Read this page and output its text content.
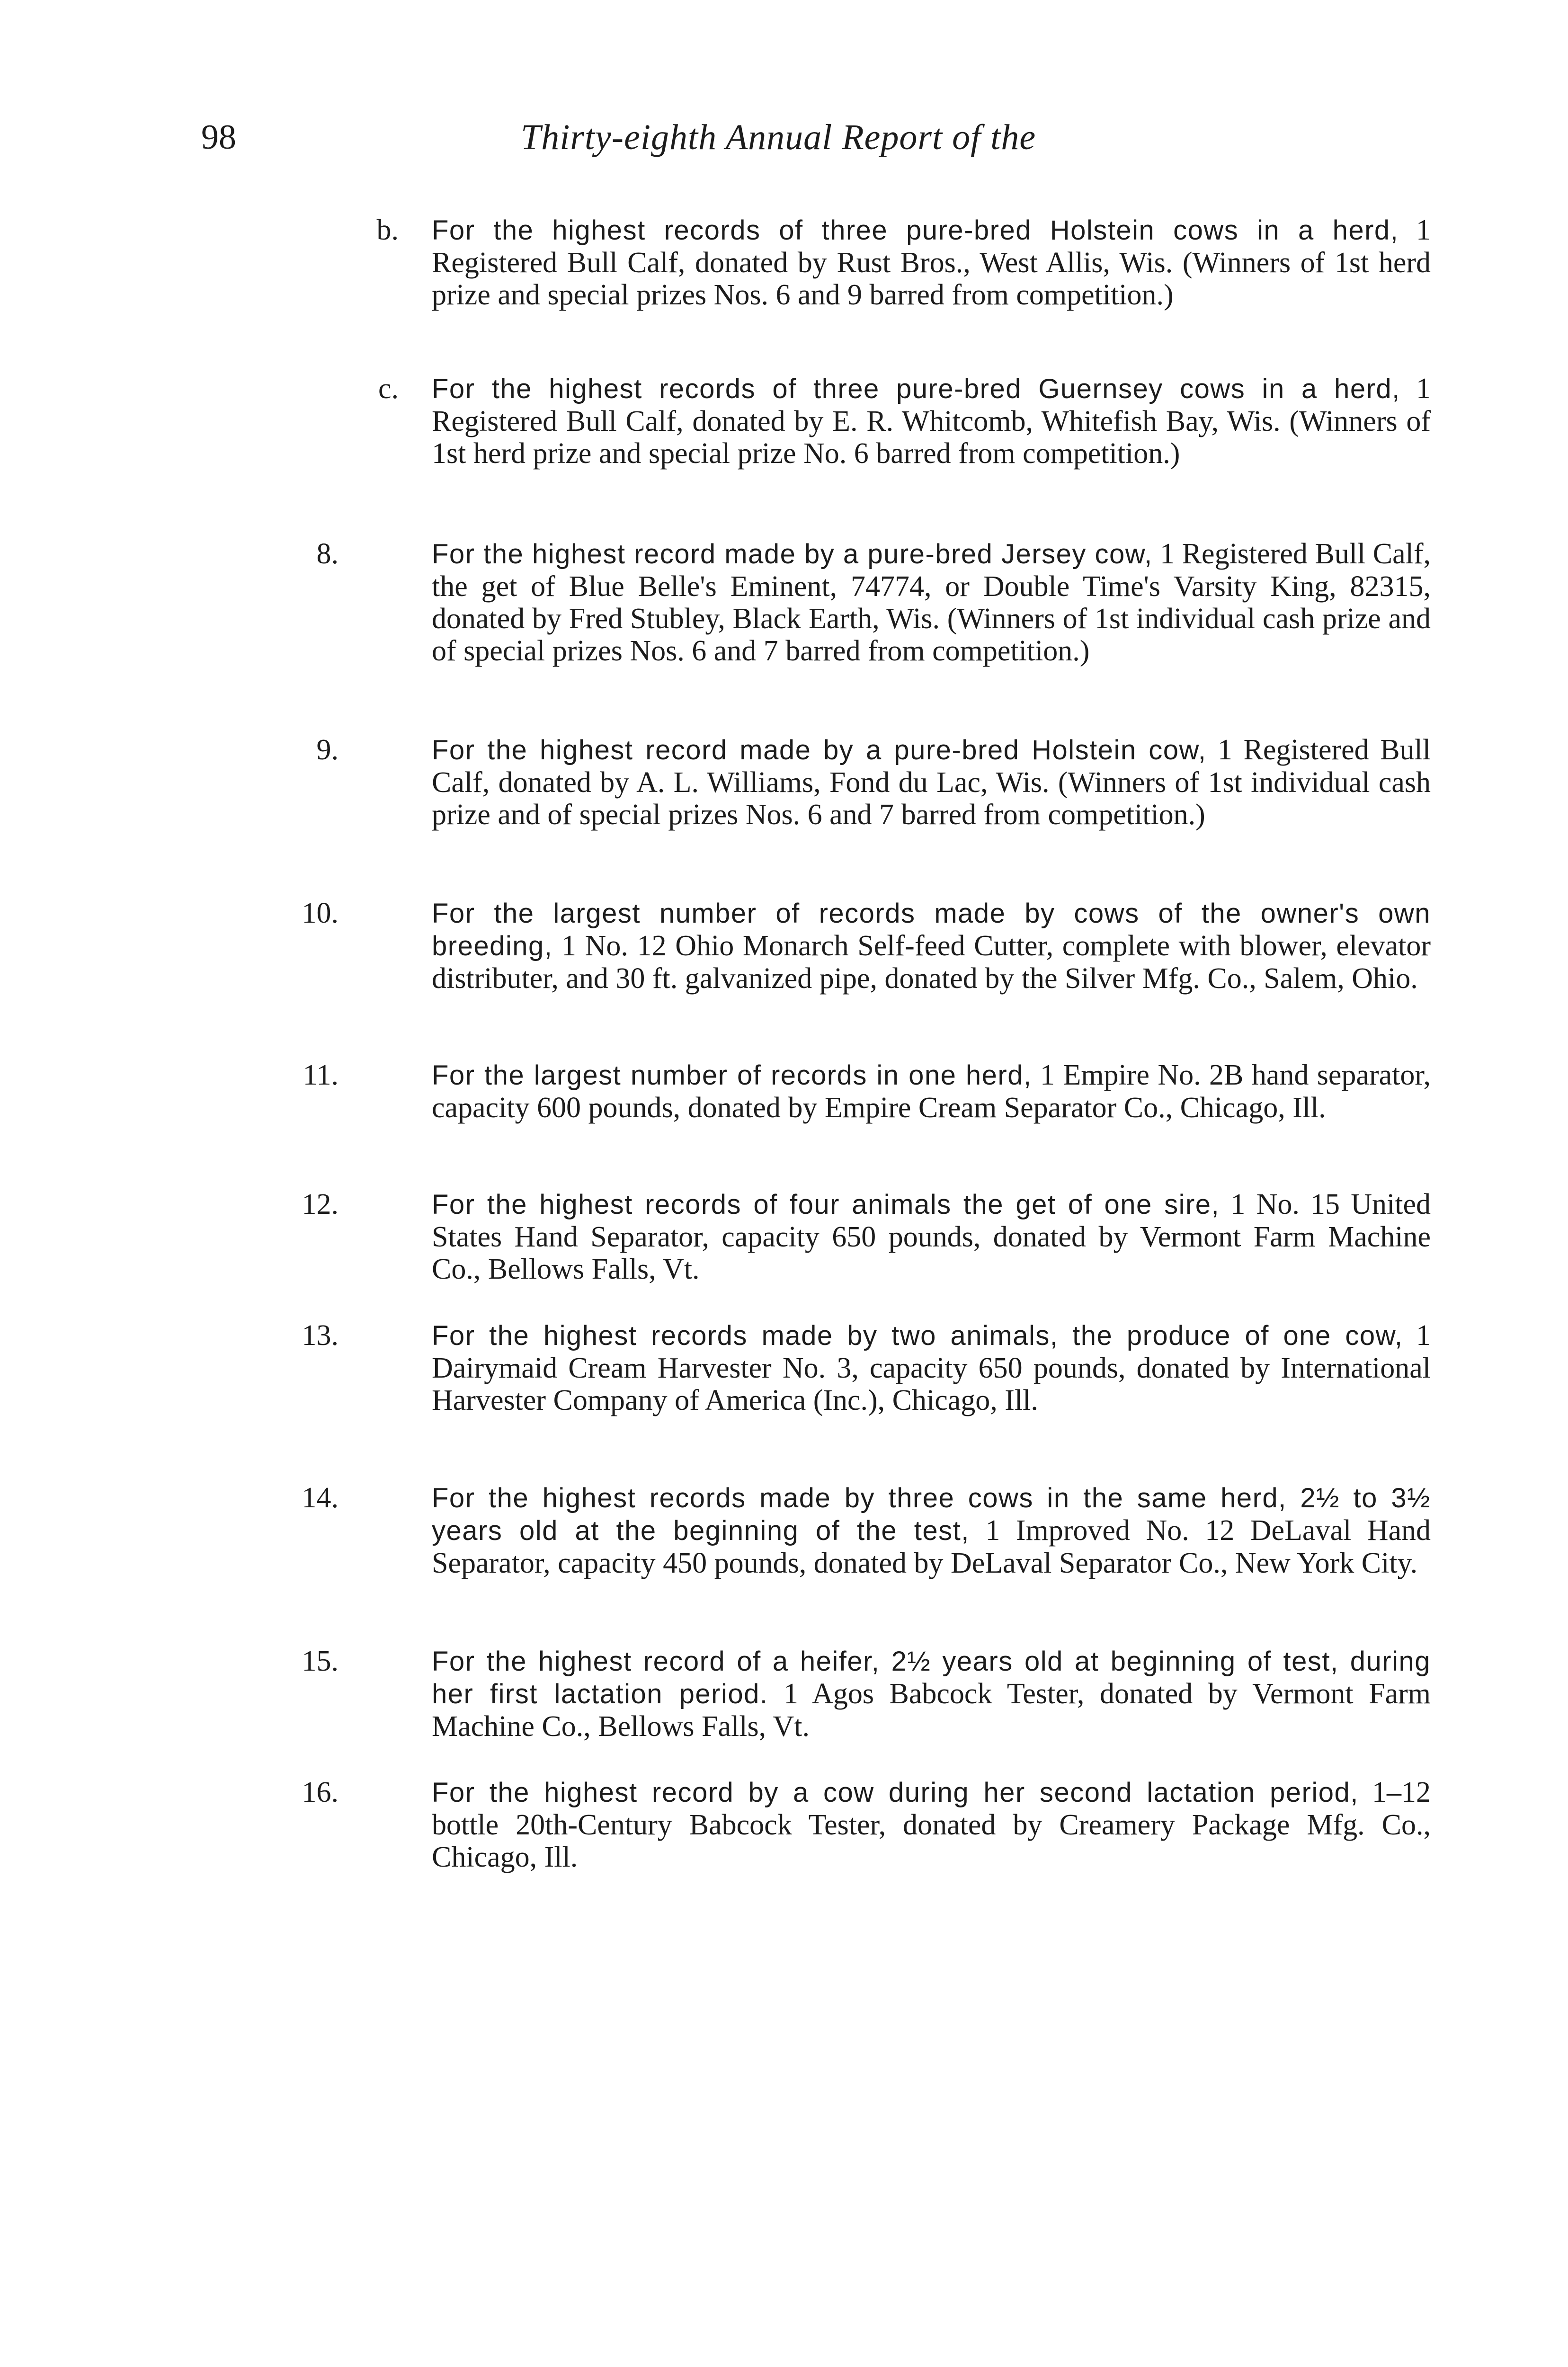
98	Thirty-eighth Annual Report of the
b. For the highest records of three pure-bred Holstein cows in a herd, 1 Registered Bull Calf, donated by Rust Bros., West Allis, Wis. (Winners of 1st herd prize and special prizes Nos. 6 and 9 barred from competition.)
c. For the highest records of three pure-bred Guernsey cows in a herd, 1 Registered Bull Calf, donated by E. R. Whitcomb, Whitefish Bay, Wis. (Winners of 1st herd prize and special prize No. 6 barred from competition.)
8.	For the highest record made by a pure-bred Jersey cow, 1 Registered Bull Calf, the get of Blue Belle's Eminent, 74774, or Double Time's Varsity King, 82315, donated by Fred Stubley, Black Earth, Wis. (Winners of 1st individual cash prize and of special prizes Nos. 6 and 7 barred from competition.)
9.	For the highest record made by a pure-bred Holstein cow, 1 Registered Bull Calf, donated by A. L. Williams, Fond du Lac, Wis. (Winners of 1st individual cash prize and of special prizes Nos. 6 and 7 barred from competition.)
10.	For the largest number of records made by cows of the owner's own breeding, 1 No. 12 Ohio Monarch Self-feed Cutter, complete with blower, elevator distributer, and 30 ft. galvanized pipe, donated by the Silver Mfg. Co., Salem, Ohio.
11.	For the largest number of records in one herd, 1 Empire No. 2B hand separator, capacity 600 pounds, donated by Empire Cream Separator Co., Chicago, Ill.
12.	For the highest records of four animals the get of one sire, 1 No. 15 United States Hand Separator, capacity 650 pounds, donated by Vermont Farm Machine Co., Bellows Falls, Vt.
13.	For the highest records made by two animals, the produce of one cow, 1 Dairymaid Cream Harvester No. 3, capacity 650 pounds, donated by International Harvester Company of America (Inc.), Chicago, Ill.
14.	For the highest records made by three cows in the same herd, 2½ to 3½ years old at the beginning of the test, 1 Improved No. 12 DeLaval Hand Separator, capacity 450 pounds, donated by DeLaval Separator Co., New York City.
15.	For the highest record of a heifer, 2½ years old at beginning of test, during her first lactation period. 1 Agos Babcock Tester, donated by Vermont Farm Machine Co., Bellows Falls, Vt.
16.	For the highest record by a cow during her second lactation period, 1–12 bottle 20th-Century Babcock Tester, donated by Creamery Package Mfg. Co., Chicago, Ill.
